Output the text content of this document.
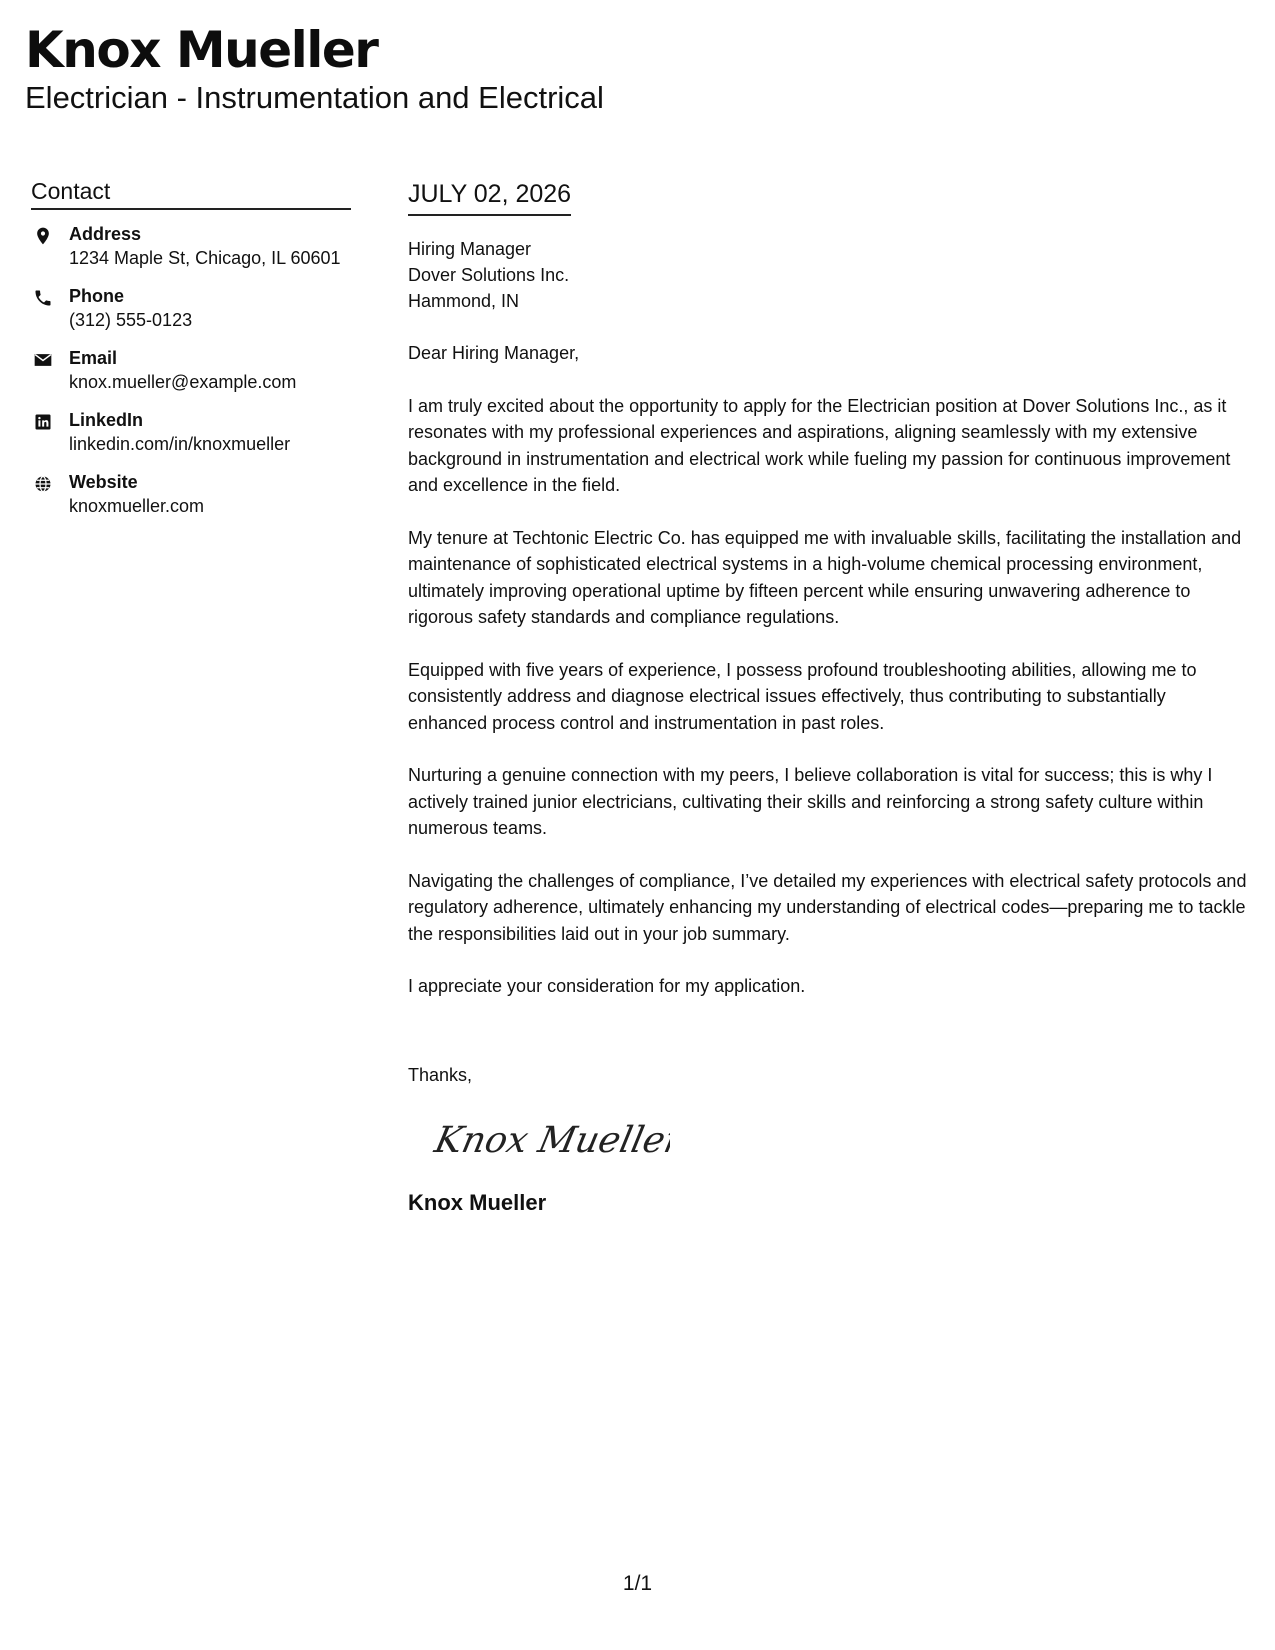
Knox Mueller
Electrician - Instrumentation and Electrical
Contact
Address
1234 Maple St, Chicago, IL 60601
Phone
(312) 555-0123
Email
knox.mueller@example.com
LinkedIn
linkedin.com/in/knoxmueller
Website
knoxmueller.com
JULY 02, 2026
Hiring Manager
Dover Solutions Inc.
Hammond, IN

Dear Hiring Manager,

I am truly excited about the opportunity to apply for the Electrician position at Dover Solutions Inc., as it resonates with my professional experiences and aspirations, aligning seamlessly with my extensive background in instrumentation and electrical work while fueling my passion for continuous improvement and excellence in the field.

My tenure at Techtonic Electric Co. has equipped me with invaluable skills, facilitating the installation and maintenance of sophisticated electrical systems in a high-volume chemical processing environment, ultimately improving operational uptime by fifteen percent while ensuring unwavering adherence to rigorous safety standards and compliance regulations.

Equipped with five years of experience, I possess profound troubleshooting abilities, allowing me to consistently address and diagnose electrical issues effectively, thus contributing to substantially enhanced process control and instrumentation in past roles.

Nurturing a genuine connection with my peers, I believe collaboration is vital for success; this is why I actively trained junior electricians, cultivating their skills and reinforcing a strong safety culture within numerous teams.

Navigating the challenges of compliance, I’ve detailed my experiences with electrical safety protocols and regulatory adherence, ultimately enhancing my understanding of electrical codes—preparing me to tackle the responsibilities laid out in your job summary.

I appreciate your consideration for my application.

Thanks,
Knox Mueller
Knox Mueller
1/1
